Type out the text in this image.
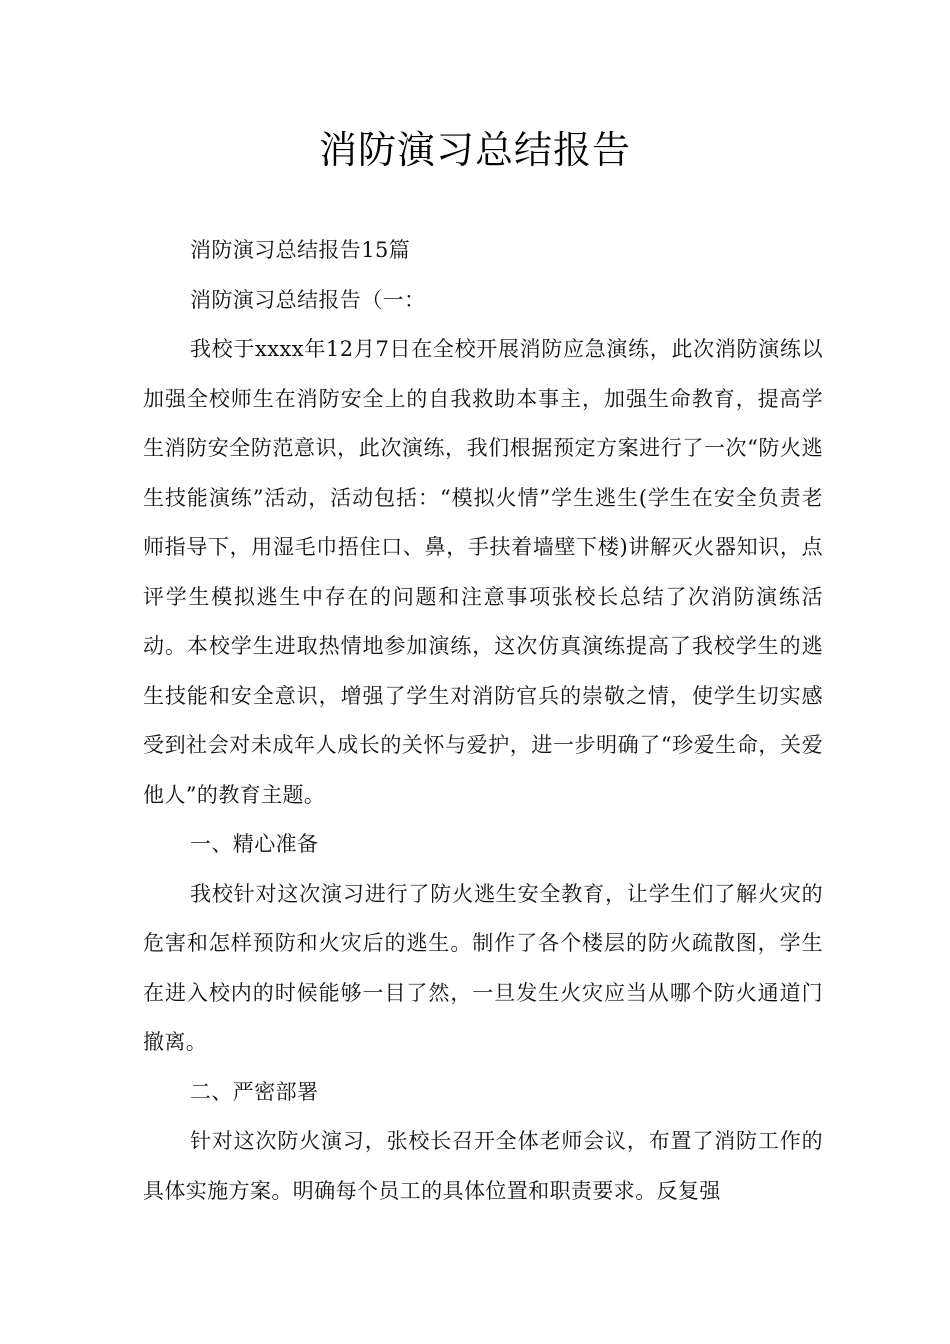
消防演习总结报告

消防演习总结报告15篇

消防演习总结报告（一：

我校于xxxx年12月7日在全校开展消防应急演练，此次消防演练以加强全校师生在消防安全上的自我救助本事主，加强生命教育，提高学生消防安全防范意识，此次演练，我们根据预定方案进行了一次“防火逃生技能演练”活动，活动包括：“模拟火情”学生逃生(学生在安全负责老师指导下，用湿毛巾捂住口、鼻，手扶着墙壁下楼)讲解灭火器知识，点评学生模拟逃生中存在的问题和注意事项张校长总结了次消防演练活动。本校学生进取热情地参加演练，这次仿真演练提高了我校学生的逃生技能和安全意识，增强了学生对消防官兵的崇敬之情，使学生切实感受到社会对未成年人成长的关怀与爱护，进一步明确了“珍爱生命，关爱他人”的教育主题。

一、精心准备

我校针对这次演习进行了防火逃生安全教育，让学生们了解火灾的危害和怎样预防和火灾后的逃生。制作了各个楼层的防火疏散图，学生在进入校内的时候能够一目了然，一旦发生火灾应当从哪个防火通道门撤离。

二、严密部署

针对这次防火演习，张校长召开全体老师会议，布置了消防工作的具体实施方案。明确每个员工的具体位置和职责要求。反复强
